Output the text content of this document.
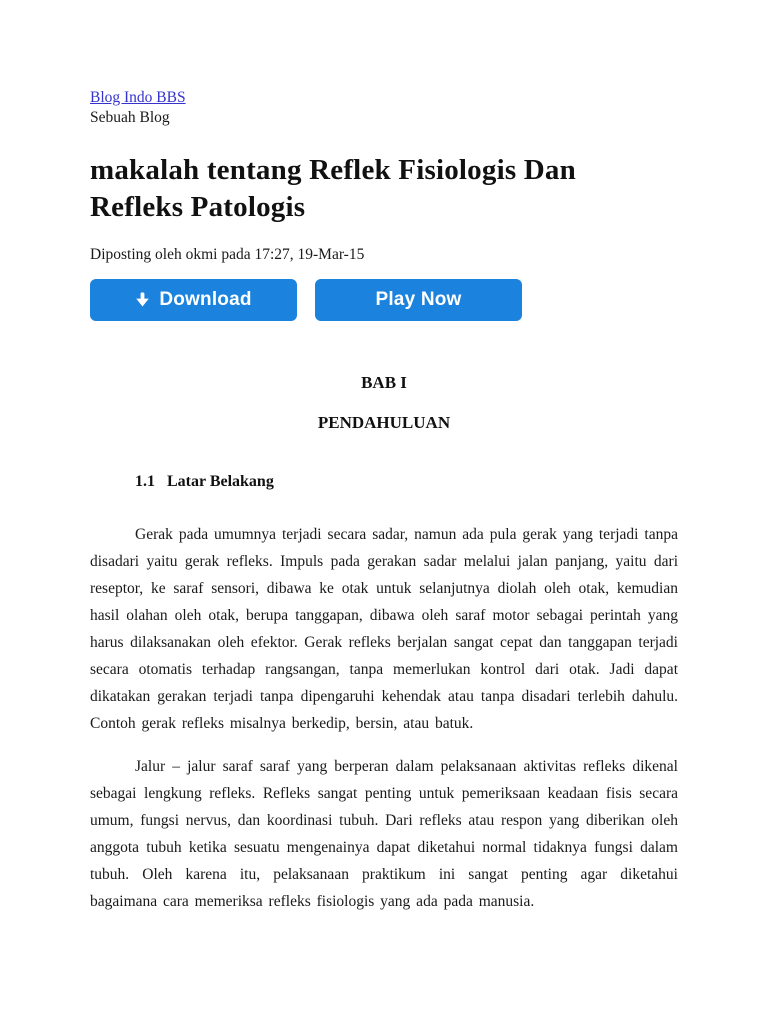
Blog Indo BBS
Sebuah Blog
makalah tentang Reflek Fisiologis Dan Refleks Patologis
Diposting oleh okmi pada 17:27, 19-Mar-15
Download	Play Now
BAB I
PENDAHULUAN
1.1 Latar Belakang

Gerak pada umumnya terjadi secara sadar, namun ada pula gerak yang terjadi tanpa disadari yaitu gerak refleks. Impuls pada gerakan sadar melalui jalan panjang, yaitu dari reseptor, ke saraf sensori, dibawa ke otak untuk selanjutnya diolah oleh otak, kemudian hasil olahan oleh otak, berupa tanggapan, dibawa oleh saraf motor sebagai perintah yang harus dilaksanakan oleh efektor. Gerak refleks berjalan sangat cepat dan tanggapan terjadi secara otomatis terhadap rangsangan, tanpa memerlukan kontrol dari otak. Jadi dapat dikatakan gerakan terjadi tanpa dipengaruhi kehendak atau tanpa disadari terlebih dahulu. Contoh gerak refleks misalnya berkedip, bersin, atau batuk.

Jalur – jalur saraf saraf yang berperan dalam pelaksanaan aktivitas refleks dikenal sebagai lengkung refleks. Refleks sangat penting untuk pemeriksaan keadaan fisis secara umum, fungsi nervus, dan koordinasi tubuh. Dari refleks atau respon yang diberikan oleh anggota tubuh ketika sesuatu mengenainya dapat diketahui normal tidaknya fungsi dalam tubuh. Oleh karena itu, pelaksanaan praktikum ini sangat penting agar diketahui bagaimana cara memeriksa refleks fisiologis yang ada pada manusia.
